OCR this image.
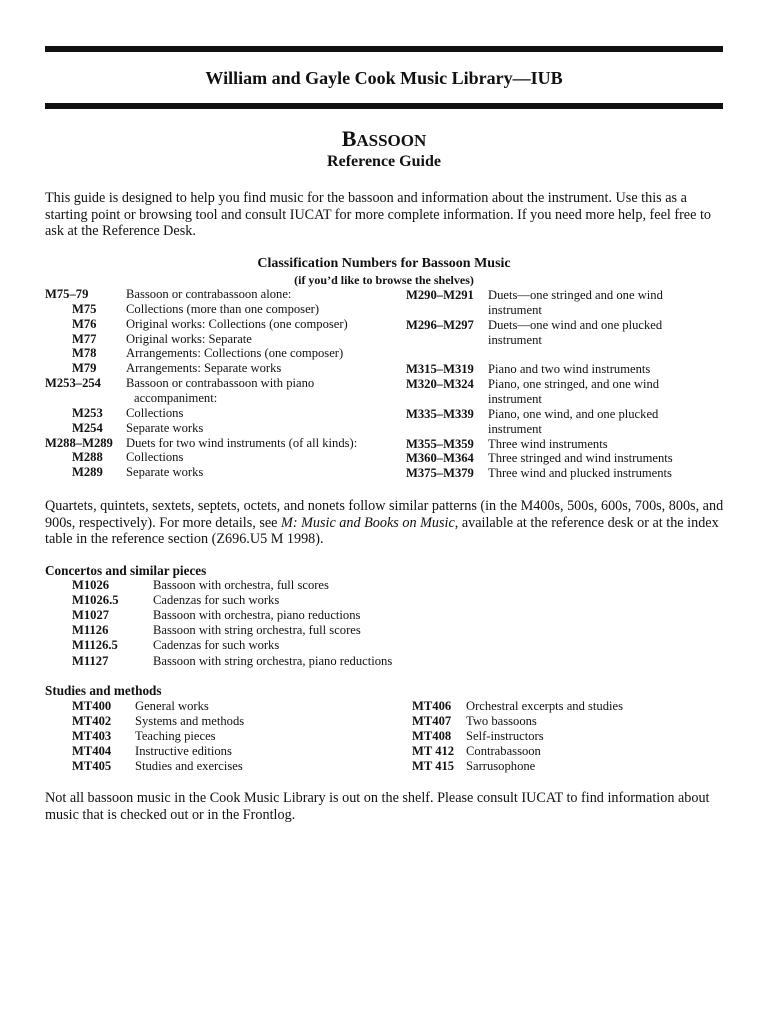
William and Gayle Cook Music Library—IUB
BASSOON
Reference Guide
This guide is designed to help you find music for the bassoon and information about the instrument. Use this as a starting point or browsing tool and consult IUCAT for more complete information. If you need more help, feel free to ask at the Reference Desk.
Classification Numbers for Bassoon Music
(if you’d like to browse the shelves)
M75–79	Bassoon or contrabassoon alone:
M75 Collections (more than one composer)
M76 Original works: Collections (one composer)
M77 Original works: Separate
M78 Arrangements: Collections (one composer)
M79 Arrangements: Separate works
M253–254 Bassoon or contrabassoon with piano
accompaniment:
M253 Collections
M254 Separate works
M288–M289 Duets for two wind instruments (of all kinds):
M288 Collections
M289 Separate works
M290–M291 Duets—one stringed and one wind
instrument
M296–M297 Duets—one wind and one plucked
instrument
M315–M319 Piano and two wind instruments
M320–M324 Piano, one stringed, and one wind
instrument
M335–M339 Piano, one wind, and one plucked
instrument
M355–M359 Three wind instruments
M360–M364 Three stringed and wind instruments
M375–M379 Three wind and plucked instruments
Quartets, quintets, sextets, septets, octets, and nonets follow similar patterns (in the M400s, 500s, 600s, 700s, 800s, and 900s, respectively). For more details, see M: Music and Books on Music, available at the reference desk or at the index table in the reference section (Z696.U5 M 1998).
Concertos and similar pieces
M1026	Bassoon with orchestra, full scores
M1026.5	Cadenzas for such works
M1027	Bassoon with orchestra, piano reductions
M1126	Bassoon with string orchestra, full scores
M1126.5	Cadenzas for such works
M1127	Bassoon with string orchestra, piano reductions
Studies and methods
MT400 General works
MT402 Systems and methods
MT403 Teaching pieces
MT404 Instructive editions
MT405 Studies and exercises
MT406 Orchestral excerpts and studies
MT407 Two bassoons
MT408 Self-instructors
MT 412 Contrabassoon
MT 415 Sarrusophone
Not all bassoon music in the Cook Music Library is out on the shelf. Please consult IUCAT to find information about music that is checked out or in the Frontlog.
